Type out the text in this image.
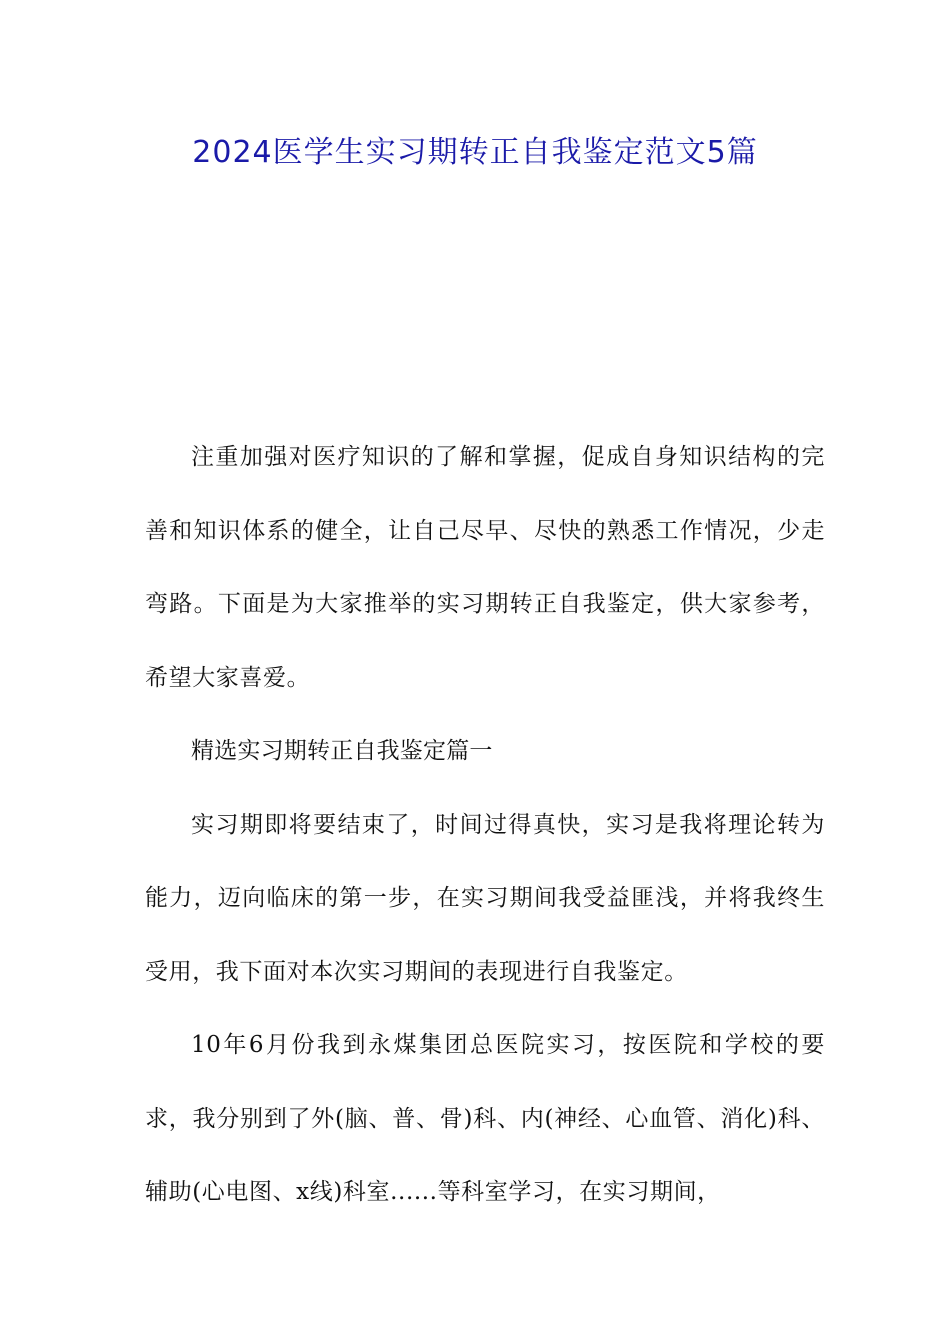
2024医学生实习期转正自我鉴定范文5篇

注重加强对医疗知识的了解和掌握，促成自身知识结构的完善和知识体系的健全，让自己尽早、尽快的熟悉工作情况，少走弯路。下面是为大家推举的实习期转正自我鉴定，供大家参考，希望大家喜爱。

精选实习期转正自我鉴定篇一

实习期即将要结束了，时间过得真快，实习是我将理论转为能力，迈向临床的第一步，在实习期间我受益匪浅，并将我终生受用，我下面对本次实习期间的表现进行自我鉴定。

10年6月份我到永煤集团总医院实习，按医院和学校的要求，我分别到了外(脑、普、骨)科、内(神经、心血管、消化)科、辅助(心电图、x线)科室......等科室学习，在实习期间，
